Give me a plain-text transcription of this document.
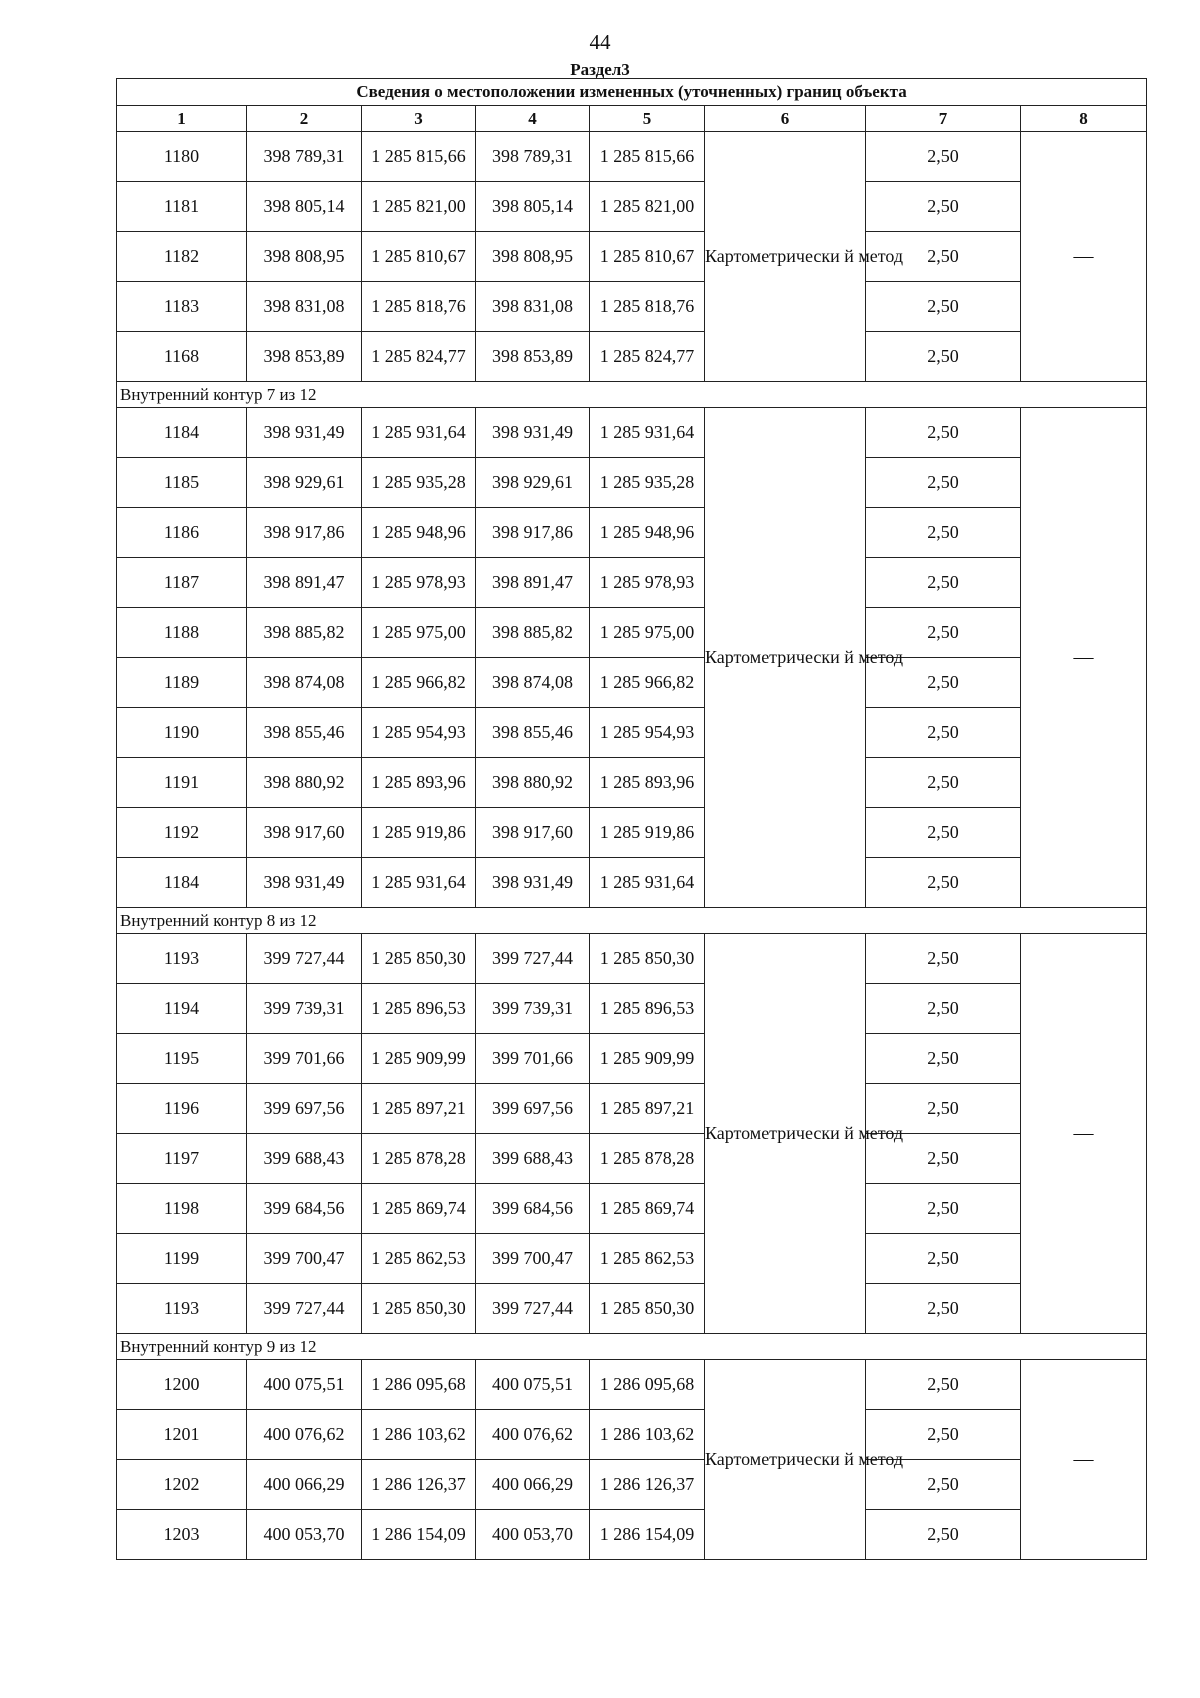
44
Раздел3
Сведения о местоположении измененных (уточненных) границ объекта							
1	2	3	4	5	6	7	8
1180	398 789,31	1 285 815,66	398 789,31	1 285 815,66	Картометрически й метод	2,50	—
1181	398 805,14	1 285 821,00	398 805,14	1 285 821,00		2,50	
1182	398 808,95	1 285 810,67	398 808,95	1 285 810,67		2,50	
1183	398 831,08	1 285 818,76	398 831,08	1 285 818,76		2,50	
1168	398 853,89	1 285 824,77	398 853,89	1 285 824,77		2,50	
Внутренний контур 7 из 12							
1184	398 931,49	1 285 931,64	398 931,49	1 285 931,64	Картометрически й метод	2,50	—
1185	398 929,61	1 285 935,28	398 929,61	1 285 935,28		2,50	
1186	398 917,86	1 285 948,96	398 917,86	1 285 948,96		2,50	
1187	398 891,47	1 285 978,93	398 891,47	1 285 978,93		2,50	
1188	398 885,82	1 285 975,00	398 885,82	1 285 975,00		2,50	
1189	398 874,08	1 285 966,82	398 874,08	1 285 966,82		2,50	
1190	398 855,46	1 285 954,93	398 855,46	1 285 954,93		2,50	
1191	398 880,92	1 285 893,96	398 880,92	1 285 893,96		2,50	
1192	398 917,60	1 285 919,86	398 917,60	1 285 919,86		2,50	
1184	398 931,49	1 285 931,64	398 931,49	1 285 931,64		2,50	
Внутренний контур 8 из 12							
1193	399 727,44	1 285 850,30	399 727,44	1 285 850,30	Картометрически й метод	2,50	—
1194	399 739,31	1 285 896,53	399 739,31	1 285 896,53		2,50	
1195	399 701,66	1 285 909,99	399 701,66	1 285 909,99		2,50	
1196	399 697,56	1 285 897,21	399 697,56	1 285 897,21		2,50	
1197	399 688,43	1 285 878,28	399 688,43	1 285 878,28		2,50	
1198	399 684,56	1 285 869,74	399 684,56	1 285 869,74		2,50	
1199	399 700,47	1 285 862,53	399 700,47	1 285 862,53		2,50	
1193	399 727,44	1 285 850,30	399 727,44	1 285 850,30		2,50	
Внутренний контур 9 из 12							
1200	400 075,51	1 286 095,68	400 075,51	1 286 095,68	Картометрически й метод	2,50	—
1201	400 076,62	1 286 103,62	400 076,62	1 286 103,62		2,50	
1202	400 066,29	1 286 126,37	400 066,29	1 286 126,37		2,50	
1203	400 053,70	1 286 154,09	400 053,70	1 286 154,09		2,50	
